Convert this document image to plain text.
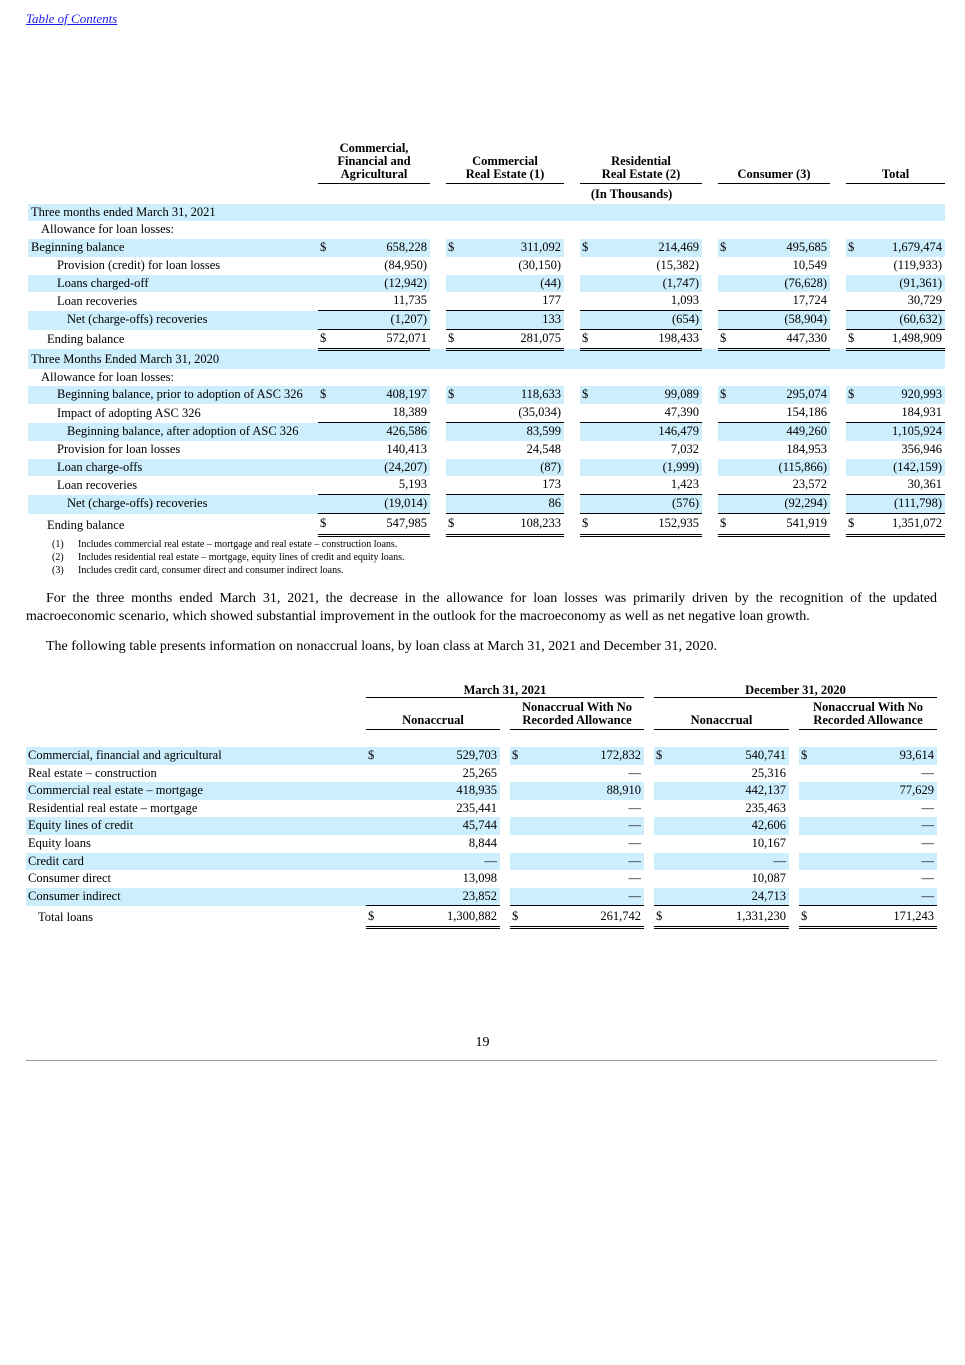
Table of Contents
	Commercial, Financial and Agricultural			Commercial Real Estate (1)			Residential Real Estate (2)			Consumer (3)			Total	
	(In Thousands)													
Three months ended March 31, 2021														
Allowance for loan losses:														
Beginning balance	$	658,228		$	311,092		$	214,469		$	495,685		$	1,679,474
Provision (credit) for loan losses		(84,950)			(30,150)			(15,382)			10,549			(119,933)
Loans charged-off		(12,942)			(44)			(1,747)			(76,628)			(91,361)
Loan recoveries		11,735			177			1,093			17,724			30,729
Net (charge-offs) recoveries		(1,207)			133			(654)			(58,904)			(60,632)
Ending balance	$	572,071		$	281,075		$	198,433		$	447,330		$	1,498,909
Three Months Ended March 31, 2020														
Allowance for loan losses:														
Beginning balance, prior to adoption of ASC 326	$	408,197		$	118,633		$	99,089		$	295,074		$	920,993
Impact of adopting ASC 326		18,389			(35,034)			47,390			154,186			184,931
Beginning balance, after adoption of ASC 326		426,586			83,599			146,479			449,260			1,105,924
Provision for loan losses		140,413			24,548			7,032			184,953			356,946
Loan charge-offs		(24,207)			(87)			(1,999)			(115,866)			(142,159)
Loan recoveries		5,193			173			1,423			23,572			30,361
Net (charge-offs) recoveries		(19,014)			86			(576)			(92,294)			(111,798)
Ending balance	$	547,985		$	108,233		$	152,935		$	541,919		$	1,351,072
(1) Includes commercial real estate – mortgage and real estate – construction loans.
(2) Includes residential real estate – mortgage, equity lines of credit and equity loans.
(3) Includes credit card, consumer direct and consumer indirect loans.
For the three months ended March 31, 2021, the decrease in the allowance for loan losses was primarily driven by the recognition of the updated macroeconomic scenario, which showed substantial improvement in the outlook for the macroeconomy as well as net negative loan growth.
The following table presents information on nonaccrual loans, by loan class at March 31, 2021 and December 31, 2020.
	March 31, 2021						December 31, 2020				
	Nonaccrual			Nonaccrual With No Recorded Allowance			Nonaccrual			Nonaccrual With No Recorded Allowance	

Commercial, financial and agricultural	$	529,703		$	172,832		$	540,741		$	93,614
Real estate – construction		25,265			—			25,316			—
Commercial real estate – mortgage		418,935			88,910			442,137			77,629
Residential real estate – mortgage		235,441			—			235,463			—
Equity lines of credit		45,744			—			42,606			—
Equity loans		8,844			—			10,167			—
Credit card		—			—			—			—
Consumer direct		13,098			—			10,087			—
Consumer indirect		23,852			—			24,713			—
Total loans	$	1,300,882		$	261,742		$	1,331,230		$	171,243
19
